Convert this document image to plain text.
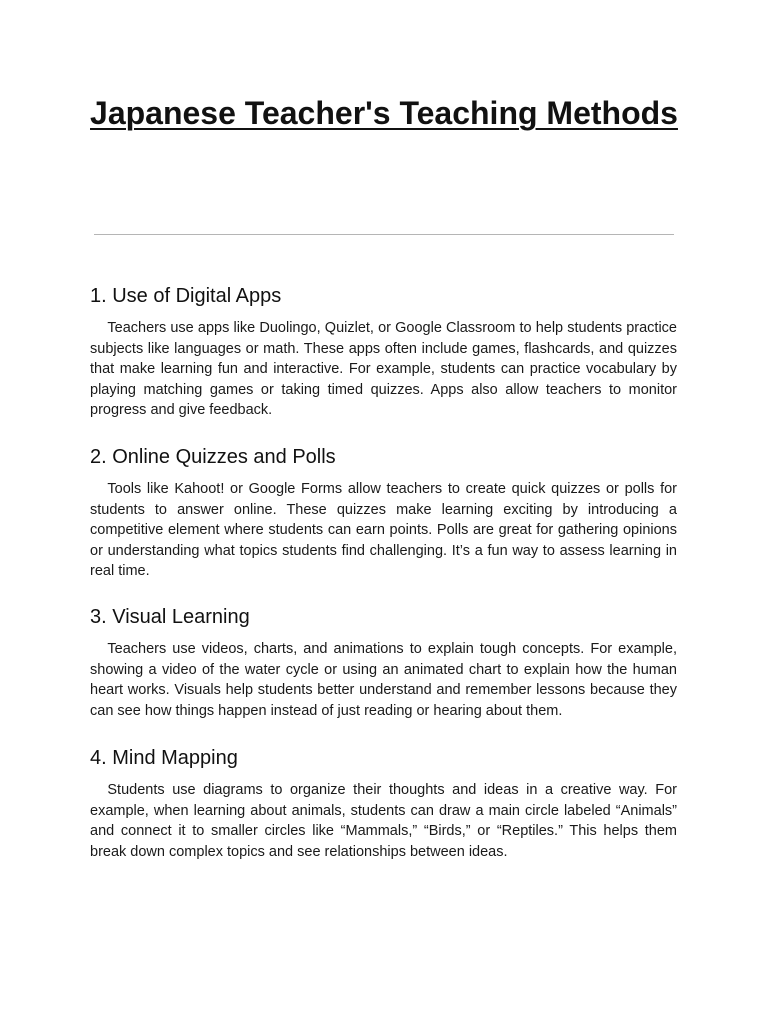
Japanese Teacher's Teaching Methods
1. Use of Digital Apps

Teachers use apps like Duolingo, Quizlet, or Google Classroom to help students practice subjects like languages or math. These apps often include games, flashcards, and quizzes that make learning fun and interactive. For example, students can practice vocabulary by playing matching games or taking timed quizzes. Apps also allow teachers to monitor progress and give feedback.

2. Online Quizzes and Polls

Tools like Kahoot! or Google Forms allow teachers to create quick quizzes or polls for students to answer online. These quizzes make learning exciting by introducing a competitive element where students can earn points. Polls are great for gathering opinions or understanding what topics students find challenging. It’s a fun way to assess learning in real time.

3. Visual Learning

Teachers use videos, charts, and animations to explain tough concepts. For example, showing a video of the water cycle or using an animated chart to explain how the human heart works. Visuals help students better understand and remember lessons because they can see how things happen instead of just reading or hearing about them.

4. Mind Mapping

Students use diagrams to organize their thoughts and ideas in a creative way. For example, when learning about animals, students can draw a main circle labeled “Animals” and connect it to smaller circles like “Mammals,” “Birds,” or “Reptiles.” This helps them break down complex topics and see relationships between ideas.
